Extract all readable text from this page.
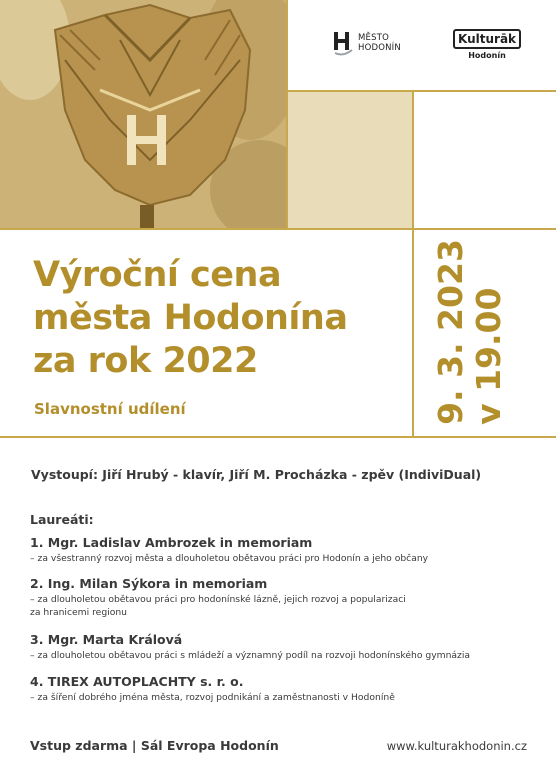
MĚSTO
HODONÍN
Kulturāk
Hodonín
Výroční cena
města Hodonína
za rok 2022
Slavnostní udílení	9. 3. 2023 v 19.00
Vystoupí: Jiří Hrubý - klavír, Jiří M. Procházka - zpěv (IndiviDual)
Laureáti:
1. Mgr. Ladislav Ambrozek in memoriam
– za všestranný rozvoj města a dlouholetou obětavou práci pro Hodonín a jeho občany
2. Ing. Milan Sýkora in memoriam
– za dlouholetou obětavou práci pro hodonínské lázně, jejich rozvoj a popularizaci
za hranicemi regionu
3. Mgr. Marta Králová
– za dlouholetou obětavou práci s mládeží a významný podíl na rozvoji hodonínského gymnázia
4. TIREX AUTOPLACHTY s. r. o.
– za šíření dobrého jména města, rozvoj podnikání a zaměstnanosti v Hodoníně
Vstup zdarma | Sál Evropa Hodonín	www.kulturakhodonin.cz
